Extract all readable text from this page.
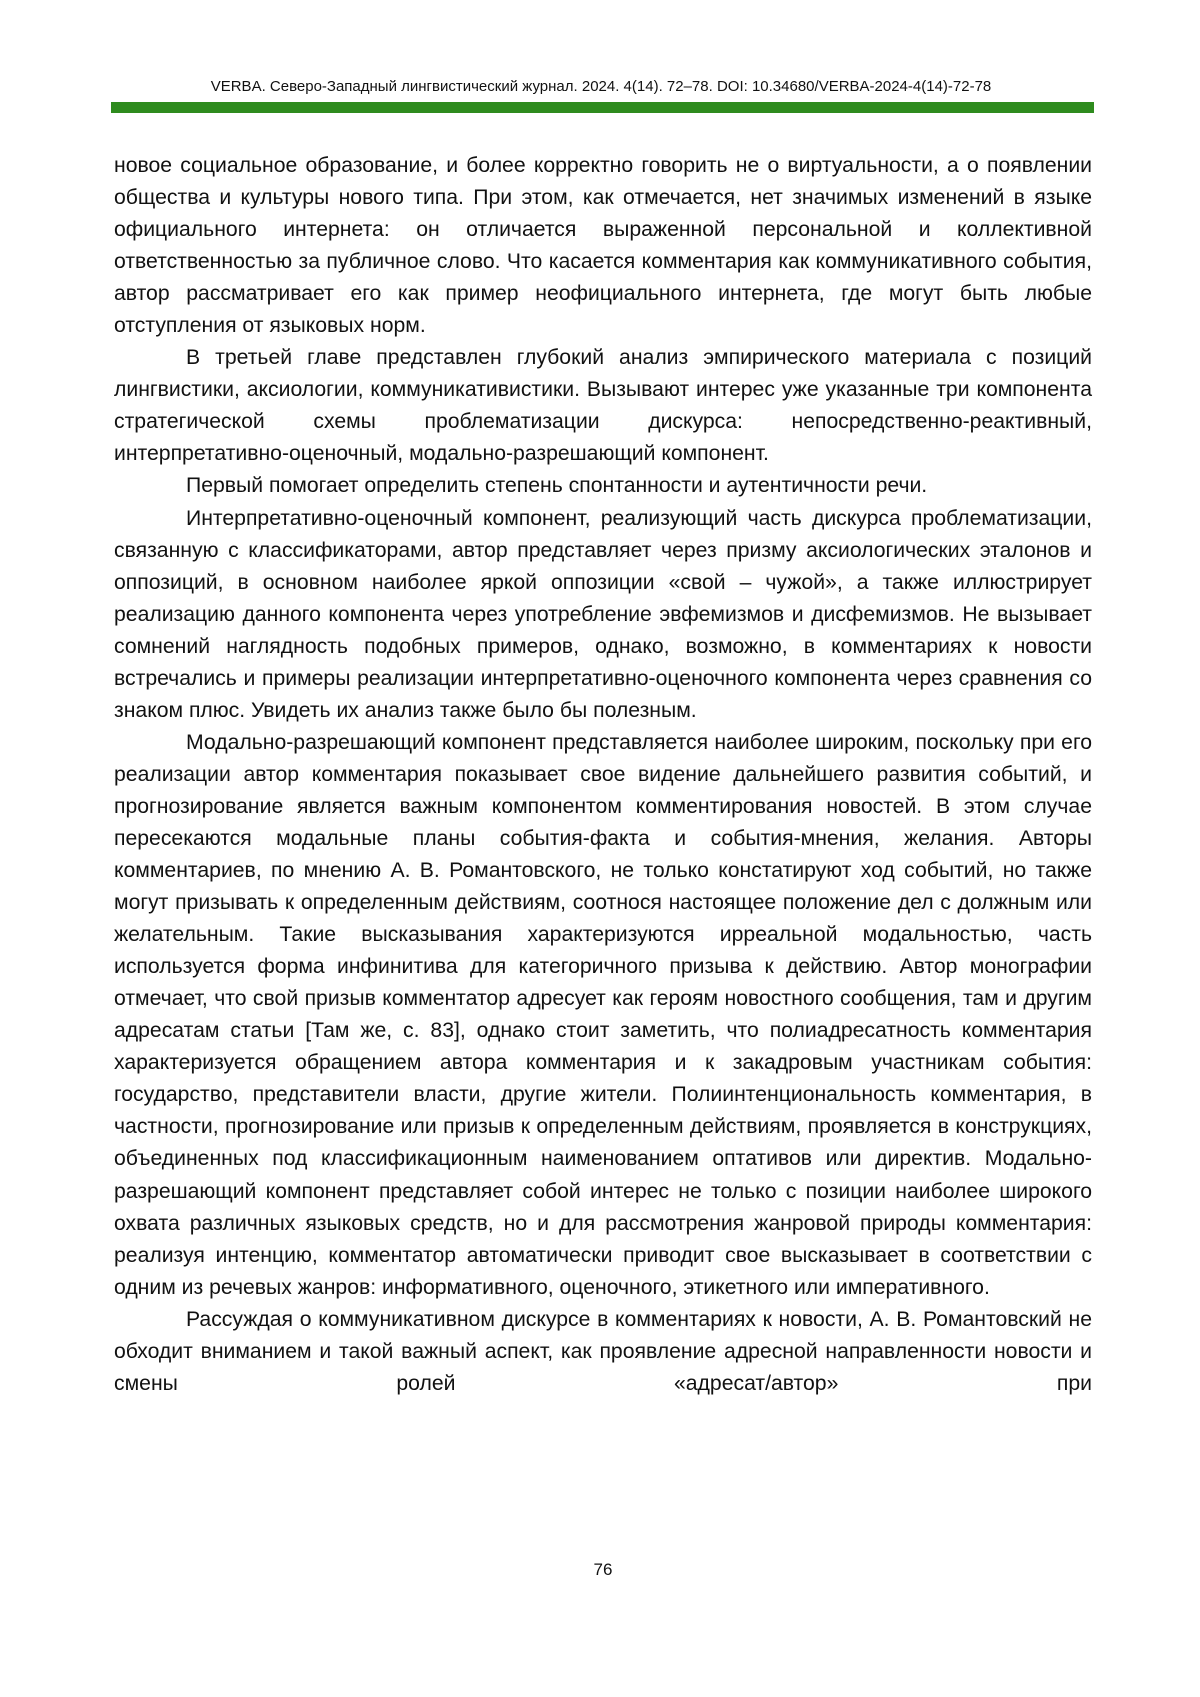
VERBA. Северо-Западный лингвистический журнал. 2024. 4(14). 72–78. DOI: 10.34680/VERBA-2024-4(14)-72-78

новое социальное образование, и более корректно говорить не о виртуальности, а о появлении общества и культуры нового типа. При этом, как отмечается, нет значимых изменений в языке официального интернета: он отличается выраженной персональной и коллективной ответственностью за публичное слово. Что касается комментария как коммуникативного события, автор рассматривает его как пример неофициального интернета, где могут быть любые отступления от языковых норм.

В третьей главе представлен глубокий анализ эмпирического материала с позиций лингвистики, аксиологии, коммуникативистики. Вызывают интерес уже указанные три компонента стратегической схемы проблематизации дискурса: непосредственно-реактивный, интерпретативно-оценочный, модально-разрешающий компонент.

Первый помогает определить степень спонтанности и аутентичности речи.

Интерпретативно-оценочный компонент, реализующий часть дискурса проблематизации, связанную с классификаторами, автор представляет через призму аксиологических эталонов и оппозиций, в основном наиболее яркой оппозиции «свой – чужой», а также иллюстрирует реализацию данного компонента через употребление эвфемизмов и дисфемизмов. Не вызывает сомнений наглядность подобных примеров, однако, возможно, в комментариях к новости встречались и примеры реализации интерпретативно-оценочного компонента через сравнения со знаком плюс. Увидеть их анализ также было бы полезным.

Модально-разрешающий компонент представляется наиболее широким, поскольку при его реализации автор комментария показывает свое видение дальнейшего развития событий, и прогнозирование является важным компонентом комментирования новостей. В этом случае пересекаются модальные планы события-факта и события-мнения, желания. Авторы комментариев, по мнению А. В. Романтовского, не только констатируют ход событий, но также могут призывать к определенным действиям, соотнося настоящее положение дел с должным или желательным. Такие высказывания характеризуются ирреальной модальностью, часть используется форма инфинитива для категоричного призыва к действию. Автор монографии отмечает, что свой призыв комментатор адресует как героям новостного сообщения, там и другим адресатам статьи [Там же, с. 83], однако стоит заметить, что полиадресатность комментария характеризуется обращением автора комментария и к закадровым участникам события: государство, представители власти, другие жители. Полиинтенциональность комментария, в частности, прогнозирование или призыв к определенным действиям, проявляется в конструкциях, объединенных под классификационным наименованием оптативов или директив. Модально-разрешающий компонент представляет собой интерес не только с позиции наиболее широкого охвата различных языковых средств, но и для рассмотрения жанровой природы комментария: реализуя интенцию, комментатор автоматически приводит свое высказывает в соответствии с одним из речевых жанров: информативного, оценочного, этикетного или императивного.

Рассуждая о коммуникативном дискурсе в комментариях к новости, А. В. Романтовский не обходит вниманием и такой важный аспект, как проявление адресной направленности новости и смены ролей «адресат/автор» при

76
